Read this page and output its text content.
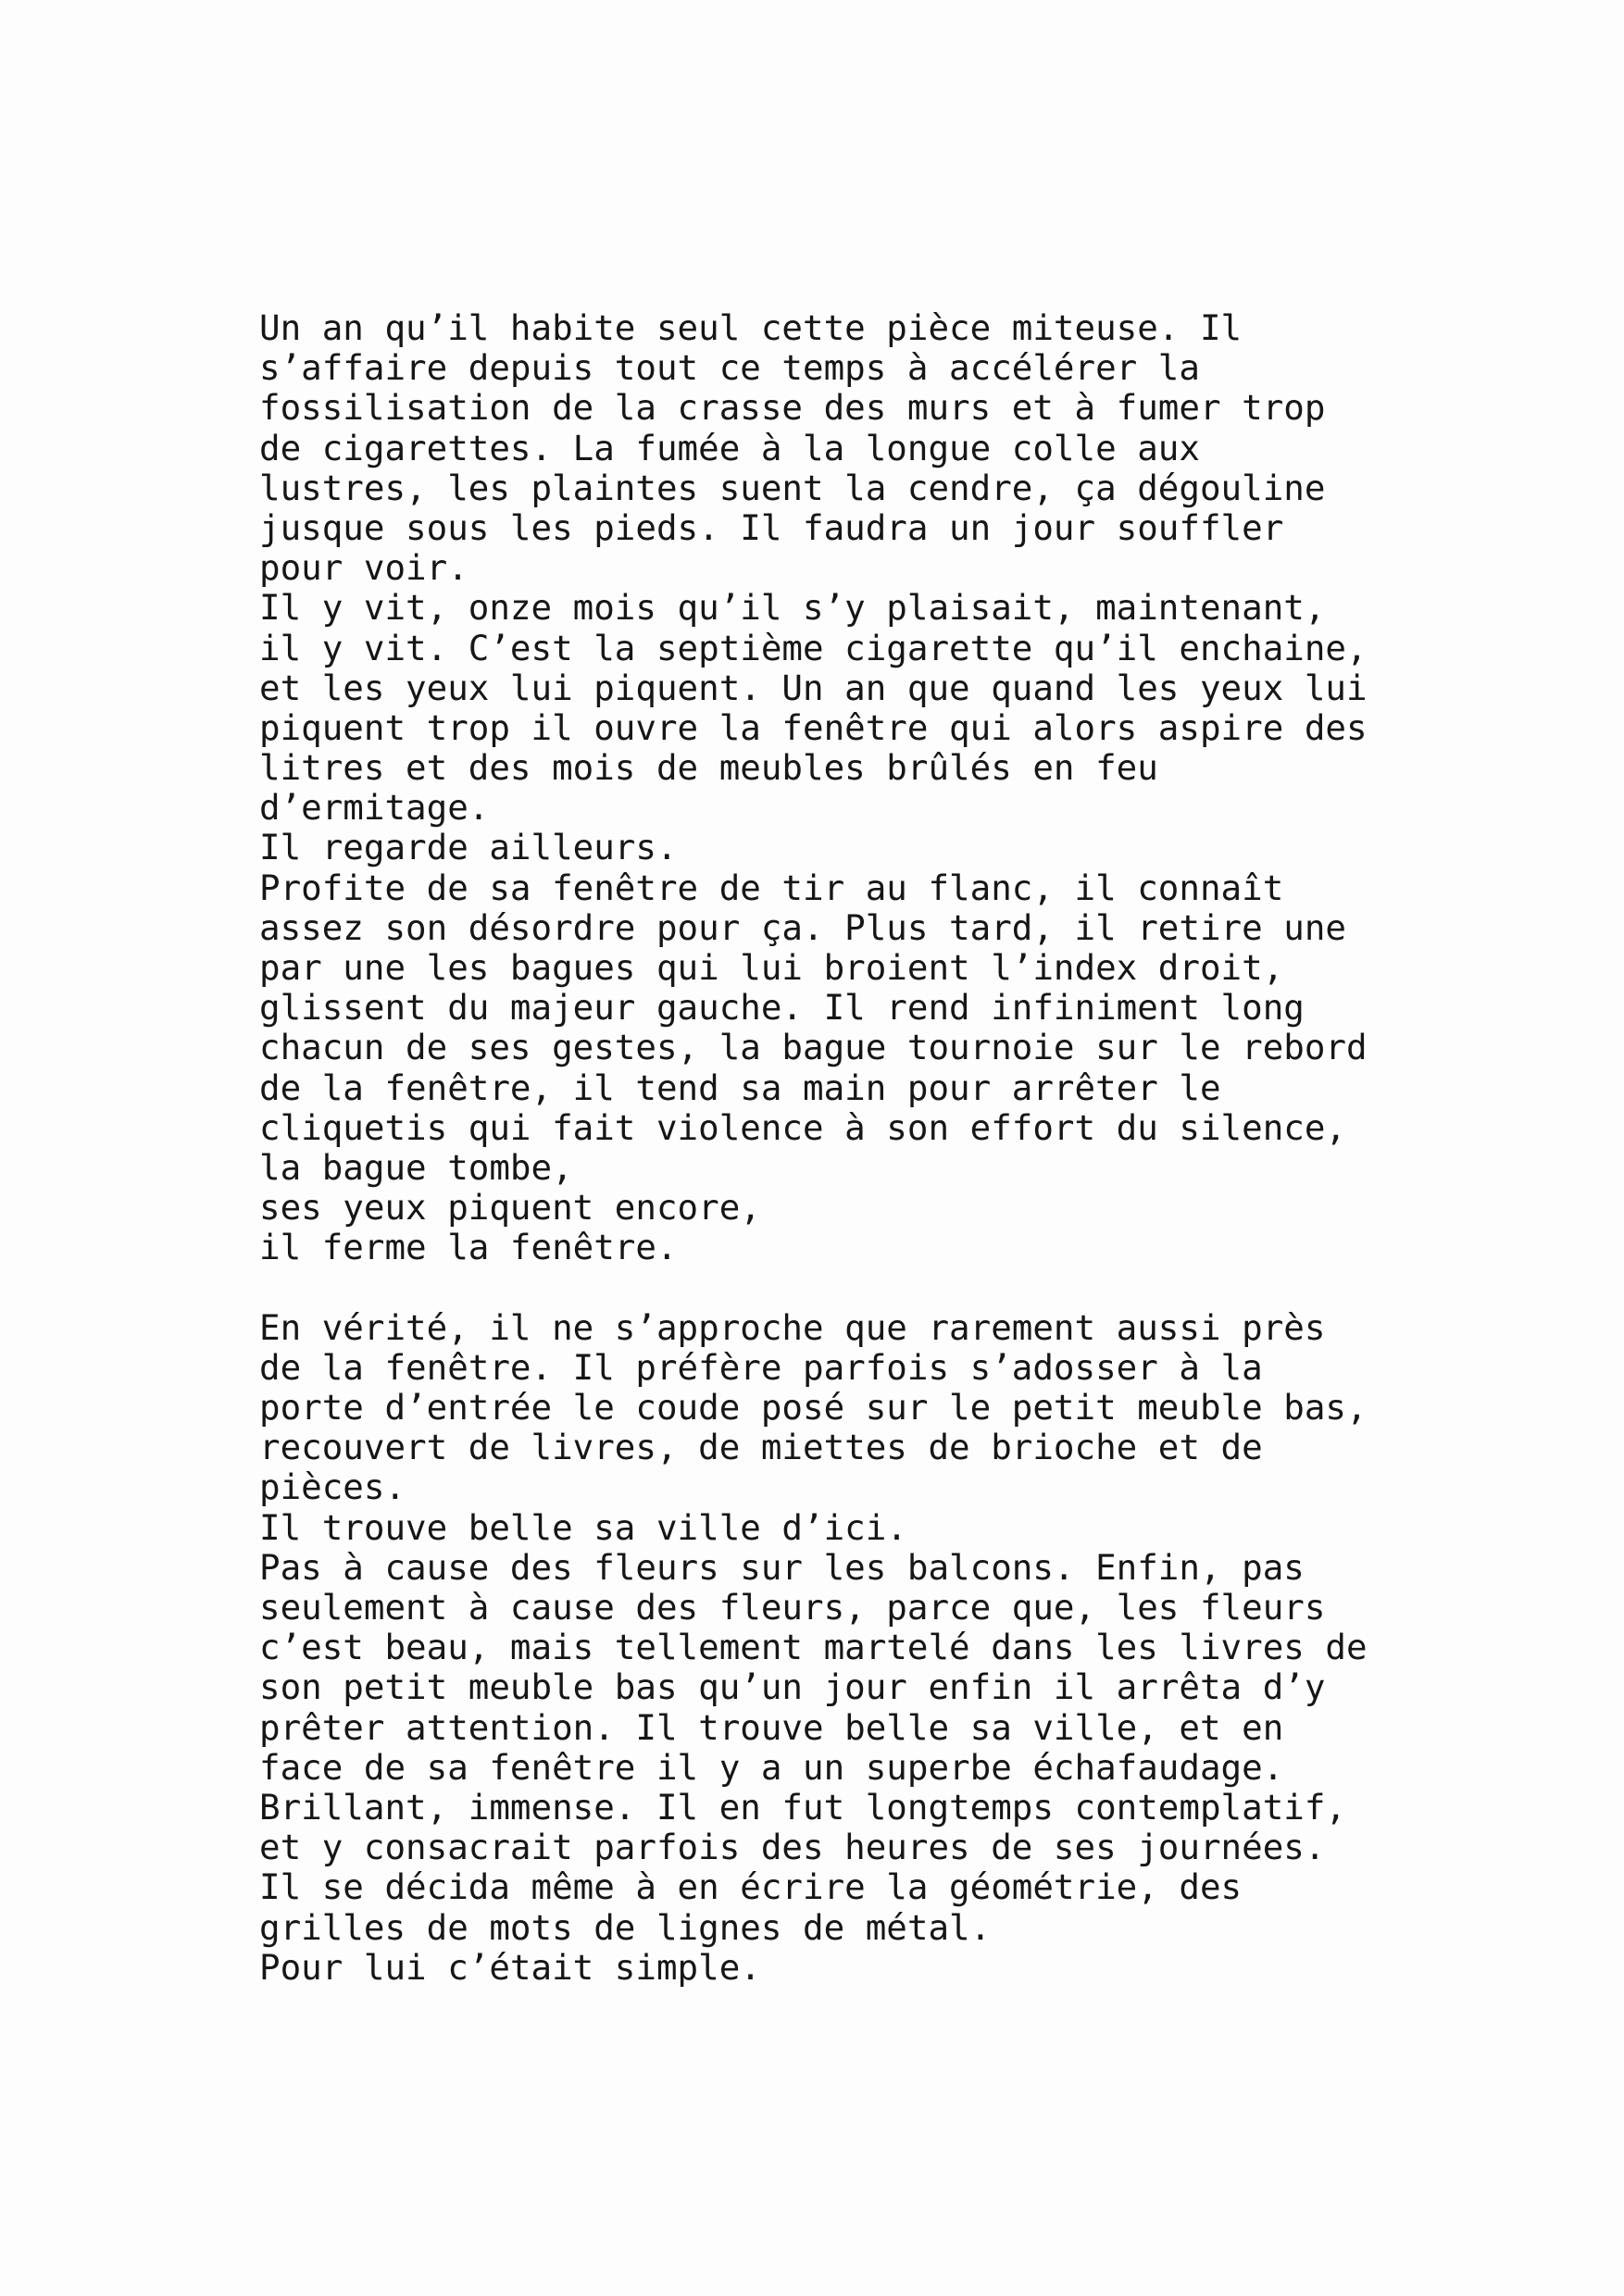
Un an qu’il habite seul cette pièce miteuse. Il
s’affaire depuis tout ce temps à accélérer la
fossilisation de la crasse des murs et à fumer trop
de cigarettes. La fumée à la longue colle aux
lustres, les plaintes suent la cendre, ça dégouline
jusque sous les pieds. Il faudra un jour souffler
pour voir.
Il y vit, onze mois qu’il s’y plaisait, maintenant,
il y vit. C’est la septième cigarette qu’il enchaine,
et les yeux lui piquent. Un an que quand les yeux lui
piquent trop il ouvre la fenêtre qui alors aspire des
litres et des mois de meubles brûlés en feu
d’ermitage.
Il regarde ailleurs.
Profite de sa fenêtre de tir au flanc, il connaît
assez son désordre pour ça. Plus tard, il retire une
par une les bagues qui lui broient l’index droit,
glissent du majeur gauche. Il rend infiniment long
chacun de ses gestes, la bague tournoie sur le rebord
de la fenêtre, il tend sa main pour arrêter le
cliquetis qui fait violence à son effort du silence,
la bague tombe,
ses yeux piquent encore,
il ferme la fenêtre.
En vérité, il ne s’approche que rarement aussi près
de la fenêtre. Il préfère parfois s’adosser à la
porte d’entrée le coude posé sur le petit meuble bas,
recouvert de livres, de miettes de brioche et de
pièces.
Il trouve belle sa ville d’ici.
Pas à cause des fleurs sur les balcons. Enfin, pas
seulement à cause des fleurs, parce que, les fleurs
c’est beau, mais tellement martelé dans les livres de
son petit meuble bas qu’un jour enfin il arrêta d’y
prêter attention. Il trouve belle sa ville, et en
face de sa fenêtre il y a un superbe échafaudage.
Brillant, immense. Il en fut longtemps contemplatif,
et y consacrait parfois des heures de ses journées.
Il se décida même à en écrire la géométrie, des
grilles de mots de lignes de métal.
Pour lui c’était simple.
